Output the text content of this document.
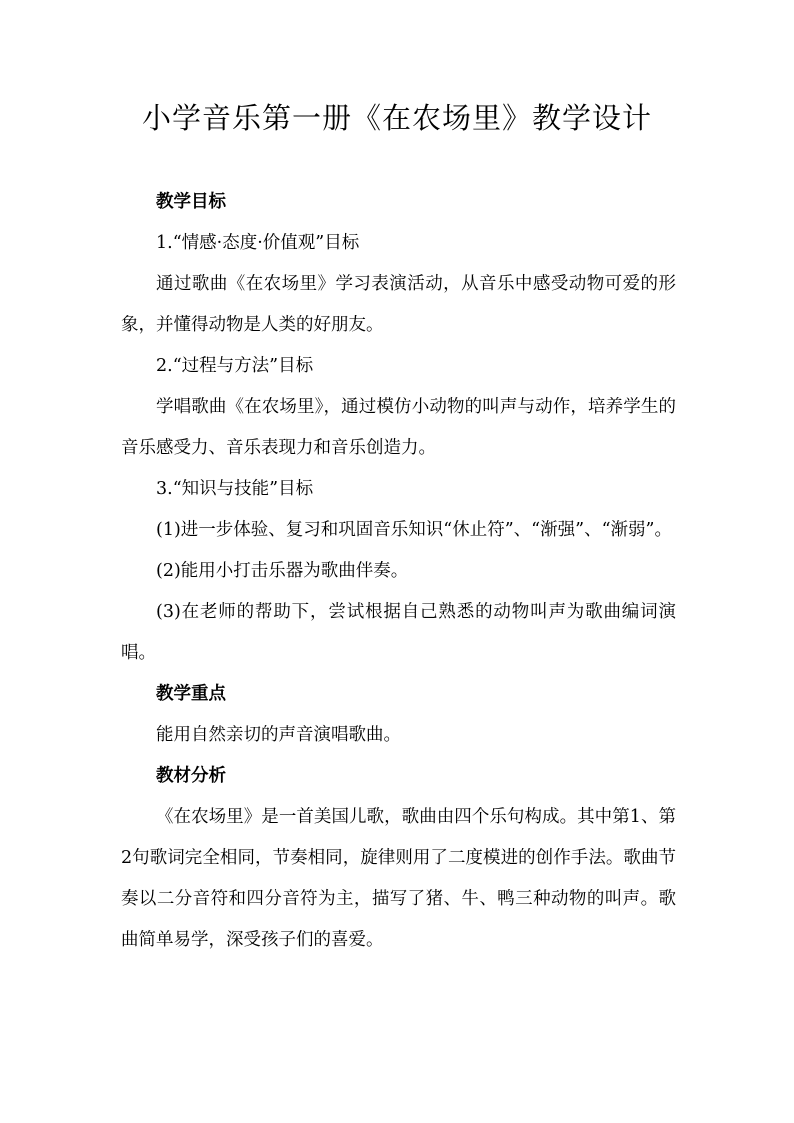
小学音乐第一册《在农场里》教学设计

教学目标

1.“情感·态度·价值观”目标

通过歌曲《在农场里》学习表演活动，从音乐中感受动物可爱的形象，并懂得动物是人类的好朋友。

2.“过程与方法”目标

学唱歌曲《在农场里》，通过模仿小动物的叫声与动作，培养学生的音乐感受力、音乐表现力和音乐创造力。

3.“知识与技能”目标

(1)进一步体验、复习和巩固音乐知识“休止符”、“渐强”、“渐弱”。

(2)能用小打击乐器为歌曲伴奏。

(3)在老师的帮助下，尝试根据自己熟悉的动物叫声为歌曲编词演唱。

教学重点

能用自然亲切的声音演唱歌曲。

教材分析

《在农场里》是一首美国儿歌，歌曲由四个乐句构成。其中第1、第2句歌词完全相同，节奏相同，旋律则用了二度模进的创作手法。歌曲节奏以二分音符和四分音符为主，描写了猪、牛、鸭三种动物的叫声。歌曲简单易学，深受孩子们的喜爱。
